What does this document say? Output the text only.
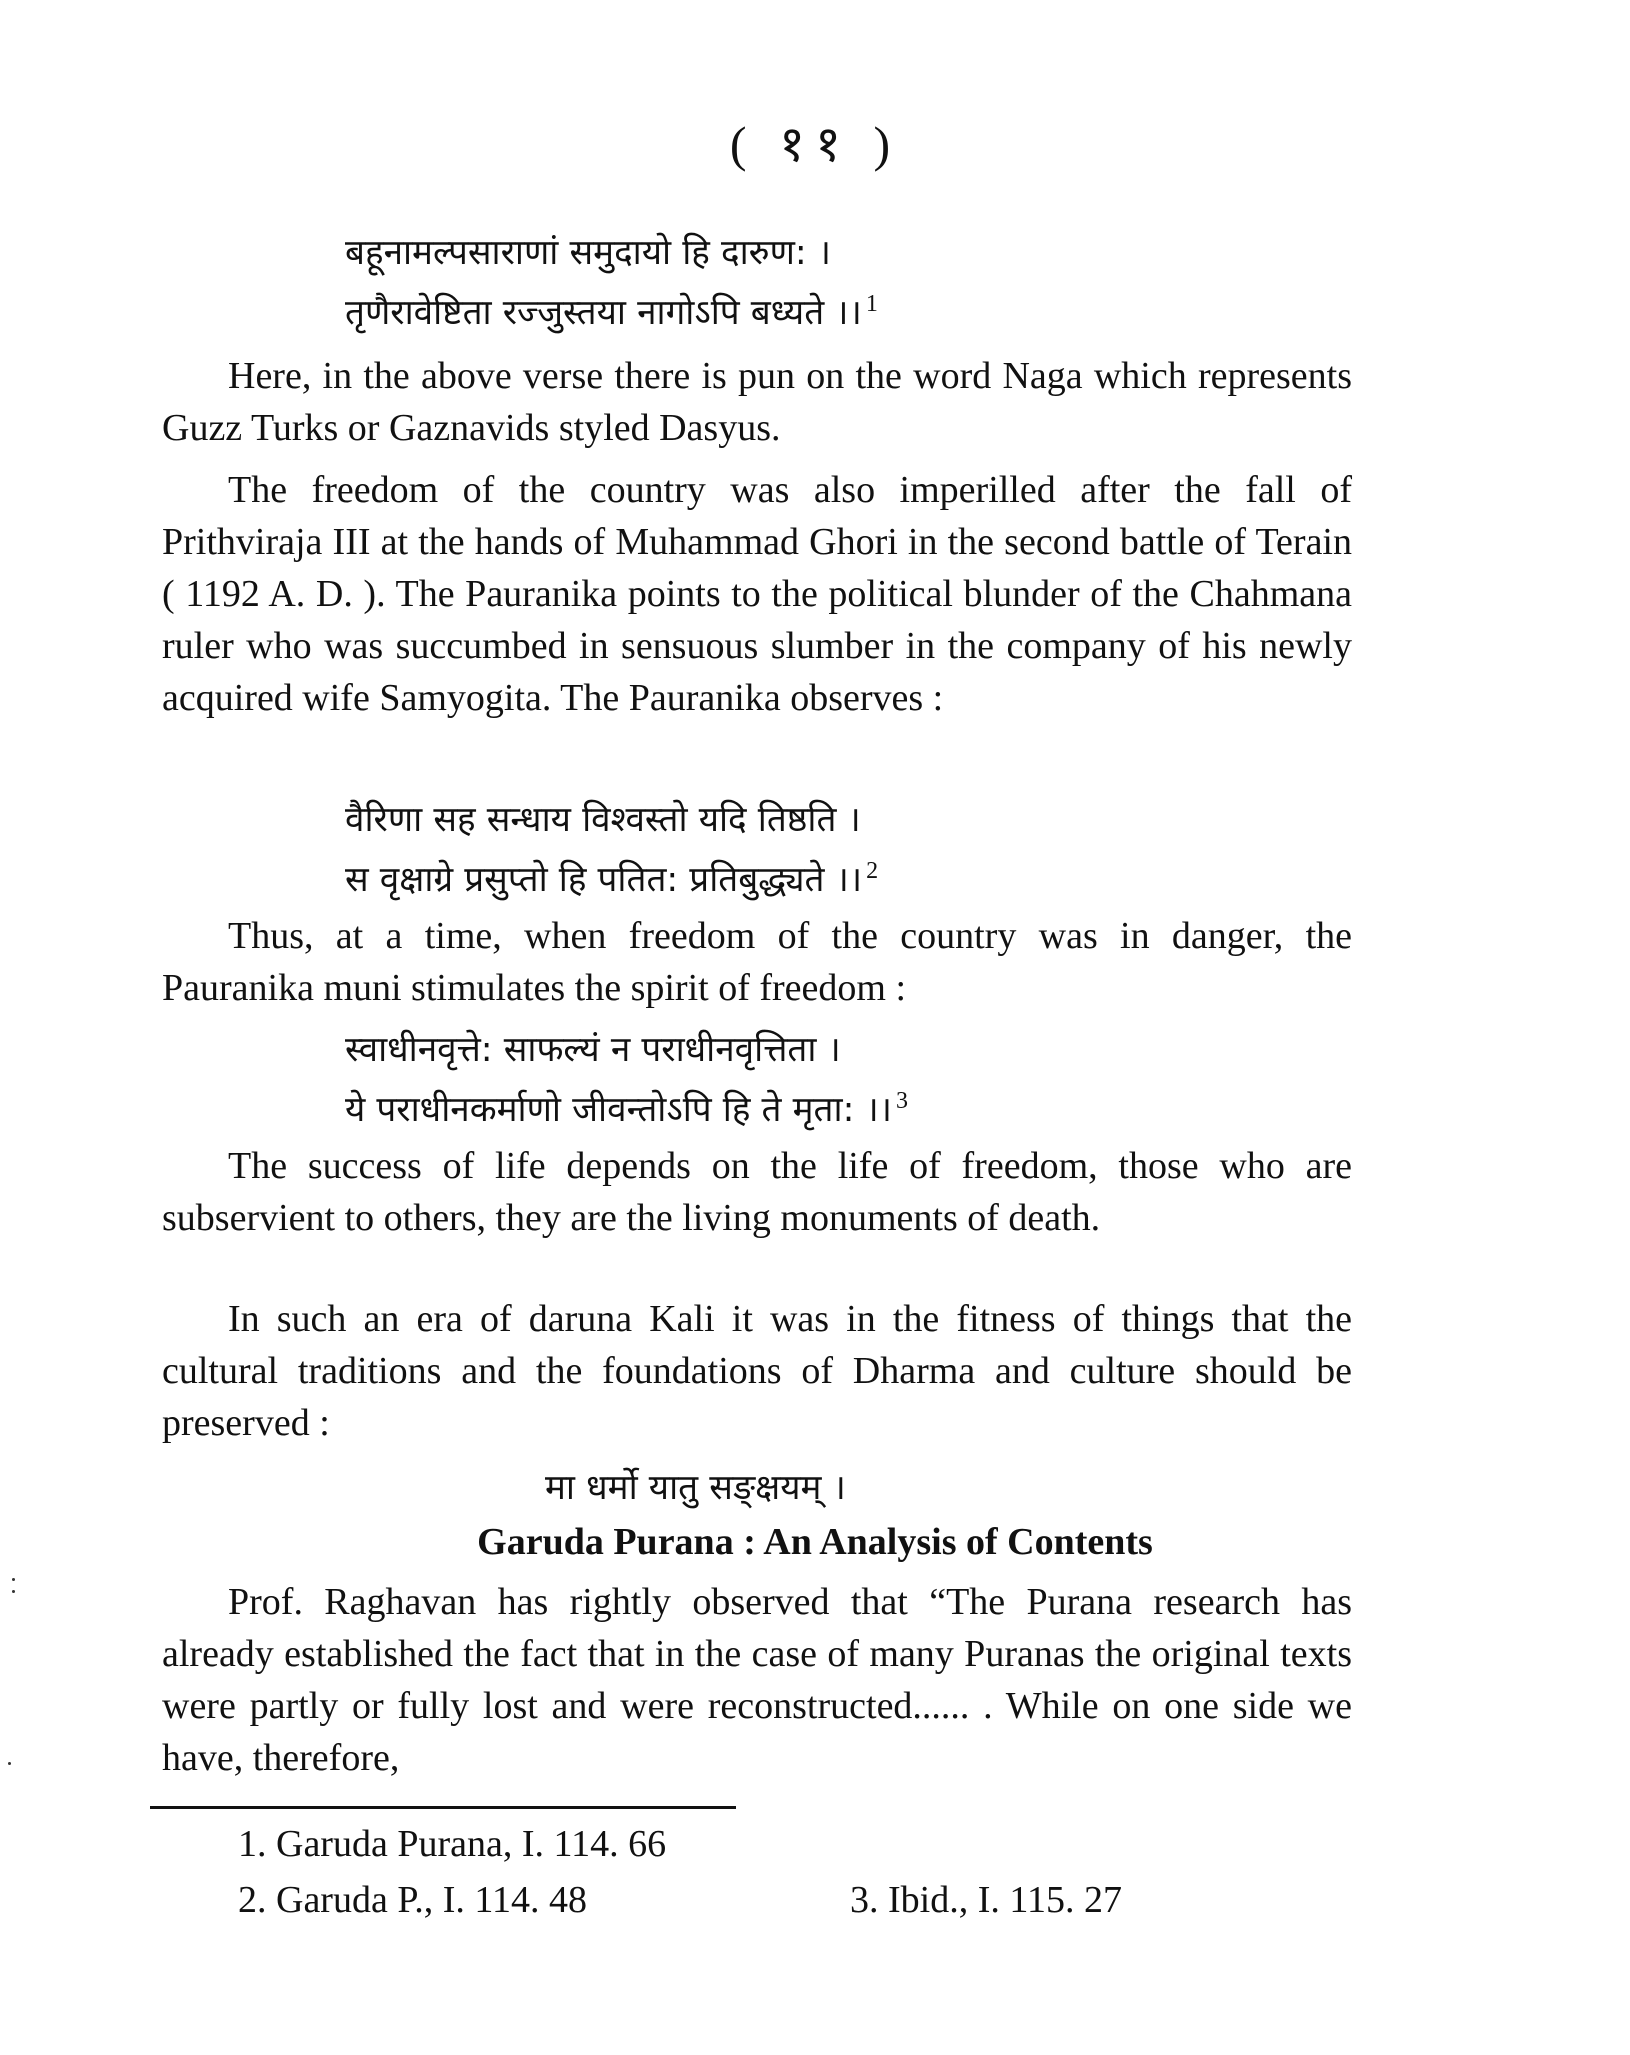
( ११ )
बहूनामल्पसाराणां समुदायो हि दारुण: ।
तृणैरावेष्टिता रज्जुस्तया नागोऽपि बध्यते ।। $^1$

Here, in the above verse there is pun on the word Naga which represents Guzz Turks or Gaznavids styled Dasyus.

The freedom of the country was also imperilled after the fall of Prithviraja III at the hands of Muhammad Ghori in the second battle of Terain ( 1192 A. D. ). The Pauranika points to the political blunder of the Chahmana ruler who was succumbed in sensuous slumber in the company of his newly acquired wife Samyogita. The Pauranika observes :

वैरिणा सह सन्धाय विश्वस्तो यदि तिष्ठति ।
स वृक्षाग्रे प्रसुप्तो हि पतित: प्रतिबुद्ध्यते ।। $^2$

Thus, at a time, when freedom of the country was in danger, the Pauranika muni stimulates the spirit of freedom :

स्वाधीनवृत्ते: साफल्यं न पराधीनवृत्तिता ।
ये पराधीनकर्माणो जीवन्तोऽपि हि ते मृता: ।। $^3$

The success of life depends on the life of freedom, those who are subservient to others, they are the living monuments of death.

In such an era of daruna Kali it was in the fitness of things that the cultural traditions and the foundations of Dharma and culture should be preserved :

मा धर्मो यातु सङ्क्षयम् ।
Garuda Purana : An Analysis of Contents

Prof. Raghavan has rightly observed that “The Purana research has already established the fact that in the case of many Puranas the original texts were partly or fully lost and were reconstructed...... . While on one side we have, therefore,

1. Garuda Purana, I. 114. 66
2. Garuda P., I. 114. 48	3. Ibid., I. 115. 27
